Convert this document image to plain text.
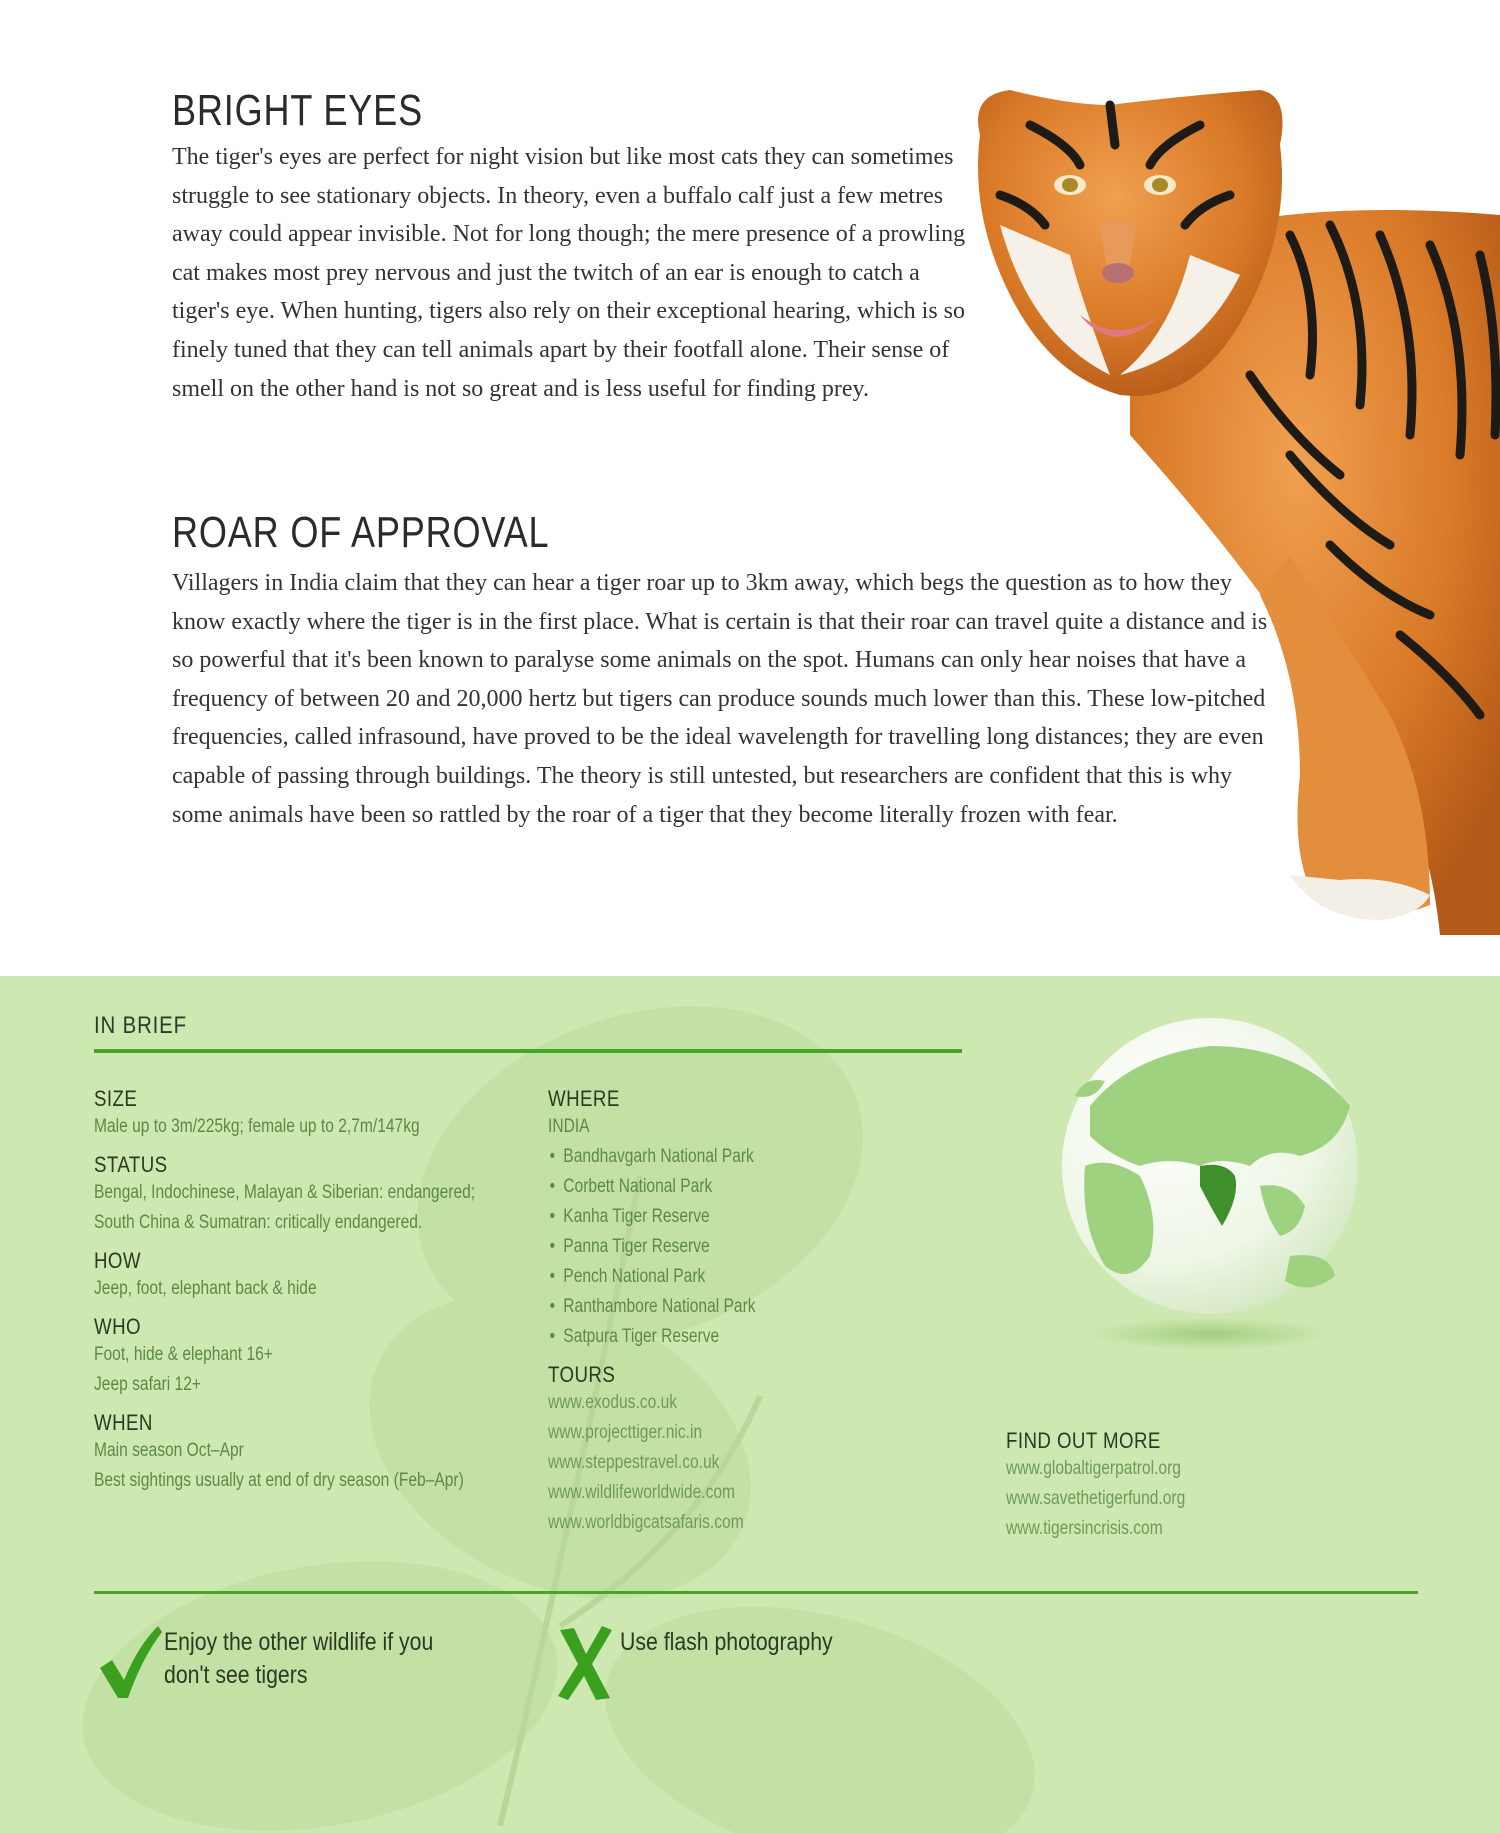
BRIGHT EYES

The tiger's eyes are perfect for night vision but like most cats they can sometimes struggle to see stationary objects. In theory, even a buffalo calf just a few metres away could appear invisible. Not for long though; the mere presence of a prowling cat makes most prey nervous and just the twitch of an ear is enough to catch a tiger's eye. When hunting, tigers also rely on their exceptional hearing, which is so finely tuned that they can tell animals apart by their footfall alone. Their sense of smell on the other hand is not so great and is less useful for finding prey.

ROAR OF APPROVAL

Villagers in India claim that they can hear a tiger roar up to 3km away, which begs the question as to how they know exactly where the tiger is in the first place. What is certain is that their roar can travel quite a distance and is so powerful that it's been known to paralyse some animals on the spot. Humans can only hear noises that have a frequency of between 20 and 20,000 hertz but tigers can produce sounds much lower than this. These low-pitched frequencies, called infrasound, have proved to be the ideal wavelength for travelling long distances; they are even capable of passing through buildings. The theory is still untested, but researchers are confident that this is why some animals have been so rattled by the roar of a tiger that they become literally frozen with fear.

IN BRIEF

SIZE

Male up to 3m/225kg; female up to 2,7m/147kg

STATUS

Bengal, Indochinese, Malayan & Siberian: endangered;
South China & Sumatran: critically endangered.

HOW

Jeep, foot, elephant back & hide

WHO

Foot, hide & elephant 16+
Jeep safari 12+

WHEN

Main season Oct–Apr
Best sightings usually at end of dry season (Feb–Apr)

WHERE

INDIA

• Bandhavgarh National Park
• Corbett National Park
• Kanha Tiger Reserve
• Panna Tiger Reserve
• Pench National Park
• Ranthambore National Park
• Satpura Tiger Reserve

TOURS

www.exodus.co.uk
www.projecttiger.nic.in
www.steppestravel.co.uk
www.wildlifeworldwide.com
www.worldbigcatsafaris.com

FIND OUT MORE

www.globaltigerpatrol.org
www.savethetigerfund.org
www.tigersincrisis.com

Enjoy the other wildlife if you don't see tigers

Use flash photography
